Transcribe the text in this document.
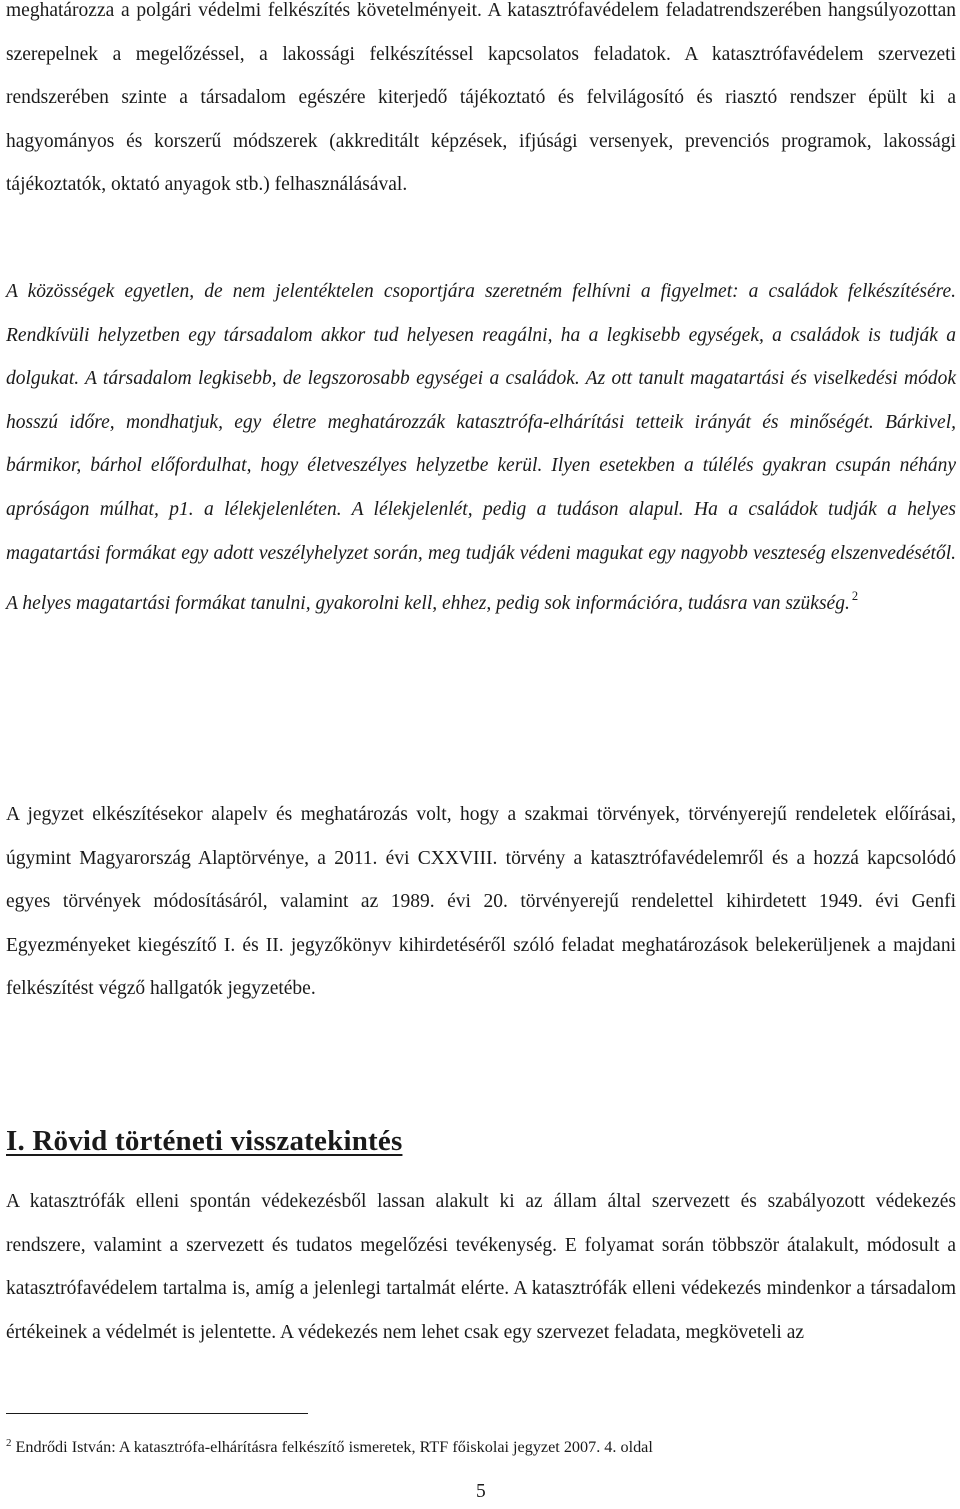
meghatározza a polgári védelmi felkészítés követelményeit. A katasztrófavédelem feladatrendszerében hangsúlyozottan szerepelnek a megelőzéssel, a lakossági felkészítéssel kapcsolatos feladatok. A katasztrófavédelem szervezeti rendszerében szinte a társadalom egészére kiterjedő tájékoztató és felvilágosító és riasztó rendszer épült ki a hagyományos és korszerű módszerek (akkreditált képzések, ifjúsági versenyek, prevenciós programok, lakossági tájékoztatók, oktató anyagok stb.) felhasználásával.

A közösségek egyetlen, de nem jelentéktelen csoportjára szeretném felhívni a figyelmet: a családok felkészítésére. Rendkívüli helyzetben egy társadalom akkor tud helyesen reagálni, ha a legkisebb egységek, a családok is tudják a dolgukat. A társadalom legkisebb, de legszorosabb egységei a családok. Az ott tanult magatartási és viselkedési módok hosszú időre, mondhatjuk, egy életre meghatározzák katasztrófa-elhárítási tetteik irányát és minőségét. Bárkivel, bármikor, bárhol előfordulhat, hogy életveszélyes helyzetbe kerül. Ilyen esetekben a túlélés gyakran csupán néhány apróságon múlhat, p1. a lélekjelenléten. A lélekjelenlét, pedig a tudáson alapul. Ha a családok tudják a helyes magatartási formákat egy adott veszélyhelyzet során, meg tudják védeni magukat egy nagyobb veszteség elszenvedésétől. A helyes magatartási formákat tanulni, gyakorolni kell, ehhez, pedig sok információra, tudásra van szükség. $^2$

A jegyzet elkészítésekor alapelv és meghatározás volt, hogy a szakmai törvények, törvényerejű rendeletek előírásai, úgymint Magyarország Alaptörvénye, a 2011. évi CXXVIII. törvény a katasztrófavédelemről és a hozzá kapcsolódó egyes törvények módosításáról, valamint az 1989. évi 20. törvényerejű rendelettel kihirdetett 1949. évi Genfi Egyezményeket kiegészítő I. és II. jegyzőkönyv kihirdetéséről szóló feladat meghatározások belekerüljenek a majdani felkészítést végző hallgatók jegyzetébe.

I. Rövid történeti visszatekintés

A katasztrófák elleni spontán védekezésből lassan alakult ki az állam által szervezett és szabályozott védekezés rendszere, valamint a szervezett és tudatos megelőzési tevékenység. E folyamat során többször átalakult, módosult a katasztrófavédelem tartalma is, amíg a jelenlegi tartalmát elérte. A katasztrófák elleni védekezés mindenkor a társadalom értékeinek a védelmét is jelentette. A védekezés nem lehet csak egy szervezet feladata, megköveteli az

$^2$ Endrődi István: A katasztrófa-elhárításra felkészítő ismeretek, RTF főiskolai jegyzet 2007. 4. oldal
5
